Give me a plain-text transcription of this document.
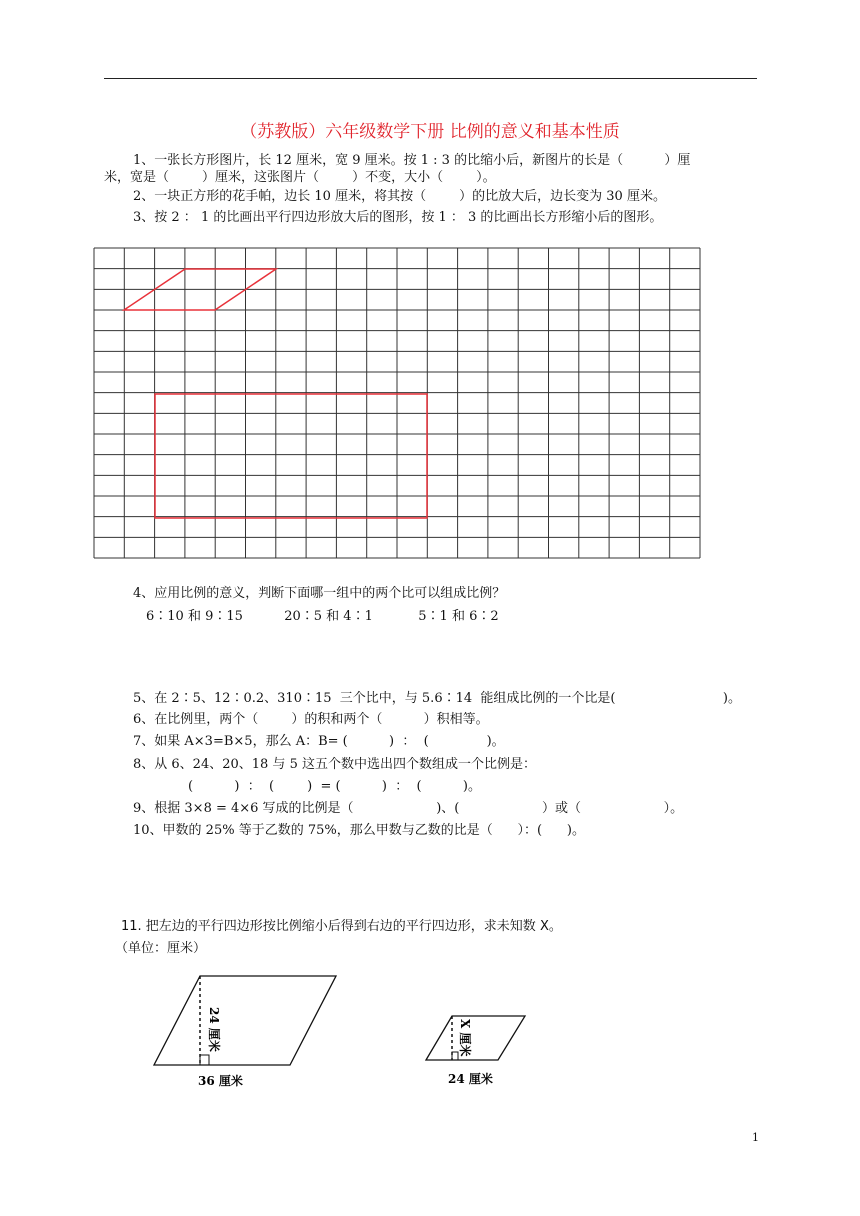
（苏教版）六年级数学下册 比例的意义和基本性质
1、一张长方形图片，长 12 厘米，宽 9 厘米。按 1 : 3 的比缩小后，新图片的长是（          ）厘
米，宽是（        ）厘米，这张图片（        ）不变，大小（        ）。
2、一块正方形的花手帕，边长 10 厘米，将其按（        ）的比放大后，边长变为 30 厘米。
3、按 2 ： 1 的比画出平行四边形放大后的图形，按 1 ： 3 的比画出长方形缩小后的图形。
4、应用比例的意义，判断下面哪一组中的两个比可以组成比例？
6∶10 和 9∶15          20∶5 和 4∶1           5∶1 和 6∶2
5、在 2∶5、12∶0.2、310∶15  三个比中，与 5.6∶14  能组成比例的一个比是(                          )。
6、在比例里，两个（        ）的积和两个（          ）积相等。
7、如果 A×3=B×5，那么 A：B= (          )  ：  (              )。
8、从 6、24、20、18 与 5 这五个数中选出四个数组成一个比例是：
(          )  ：  (        )  = (          )  ：  (          )。
9、根据 3×8 = 4×6 写成的比例是（                    )、(                    ）或（                    ）。
10、甲数的 25% 等于乙数的 75%，那么甲数与乙数的比是（      ）：(      )。
11. 把左边的平行四边形按比例缩小后得到右边的平行四边形，求未知数 X。
（单位：厘米）
24 厘米
36 厘米
X 厘米
24 厘米
1
